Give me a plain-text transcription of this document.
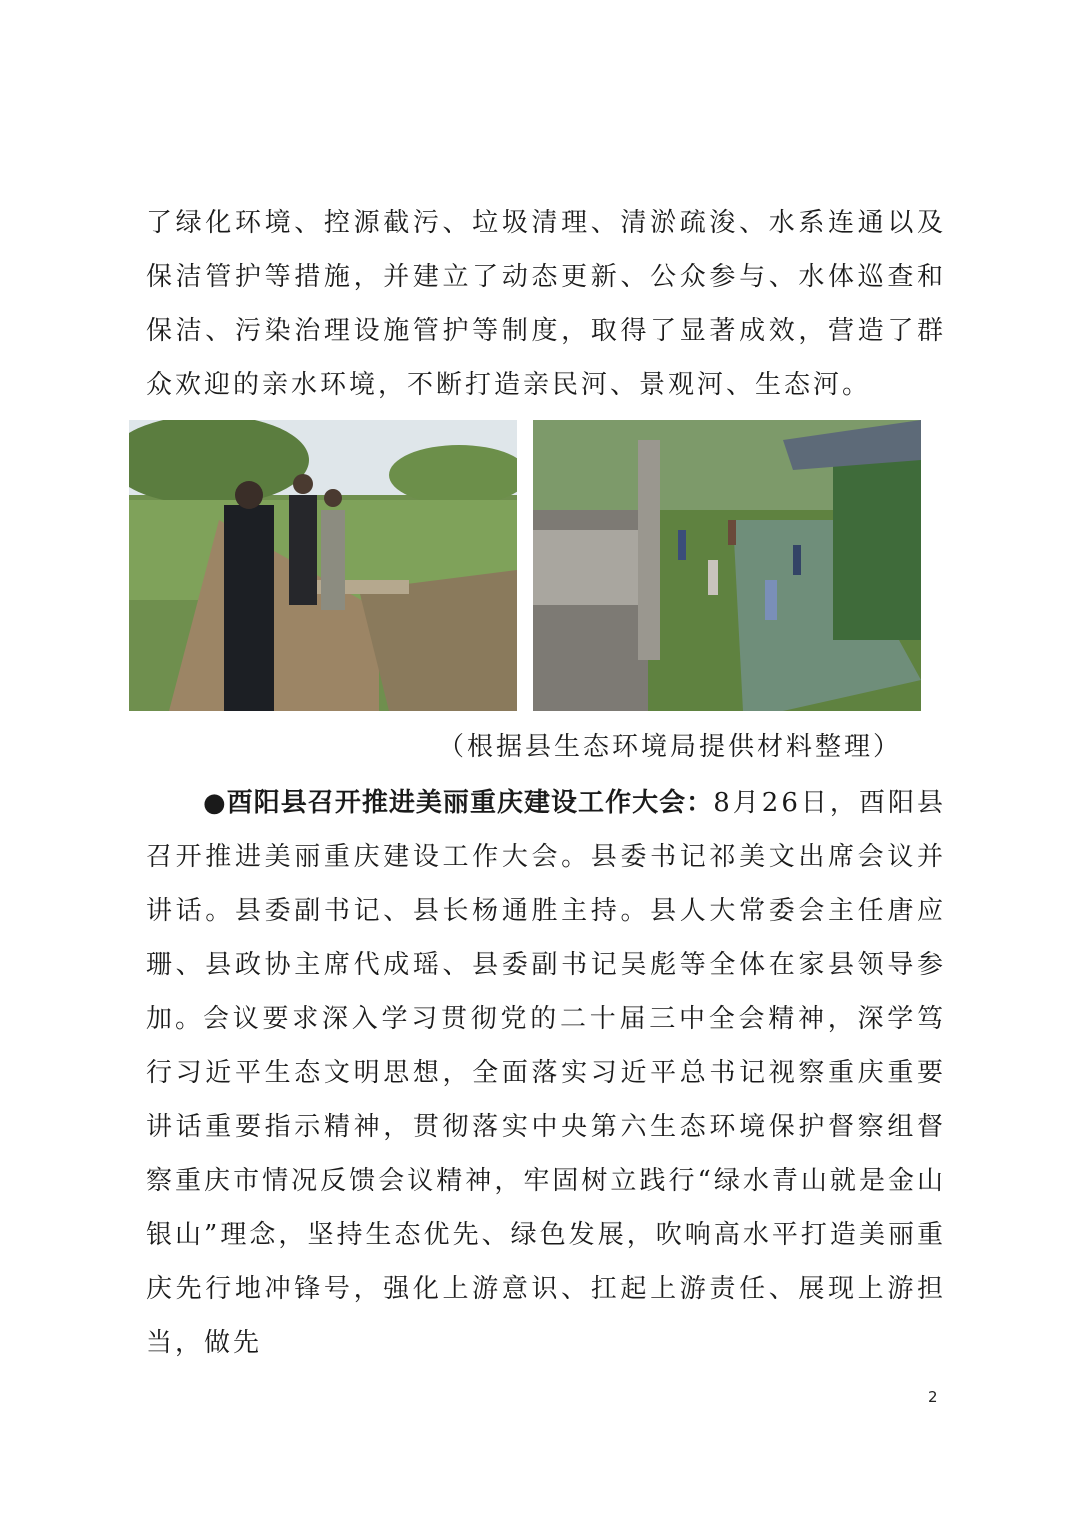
了绿化环境、控源截污、垃圾清理、清淤疏浚、水系连通以及保洁管护等措施，并建立了动态更新、公众参与、水体巡查和保洁、污染治理设施管护等制度，取得了显著成效，营造了群众欢迎的亲水环境，不断打造亲民河、景观河、生态河。

（根据县生态环境局提供材料整理）

●酉阳县召开推进美丽重庆建设工作大会：8月26日，酉阳县召开推进美丽重庆建设工作大会。县委书记祁美文出席会议并讲话。县委副书记、县长杨通胜主持。县人大常委会主任唐应珊、县政协主席代成瑶、县委副书记吴彪等全体在家县领导参加。

会议要求深入学习贯彻党的二十届三中全会精神，深学笃行习近平生态文明思想，全面落实习近平总书记视察重庆重要讲话重要指示精神，贯彻落实中央第六生态环境保护督察组督察重庆市情况反馈会议精神，牢固树立践行“绿水青山就是金山银山”理念，坚持生态优先、绿色发展，吹响高水平打造美丽重庆先行地冲锋号，强化上游意识、扛起上游责任、展现上游担当，做先

2
